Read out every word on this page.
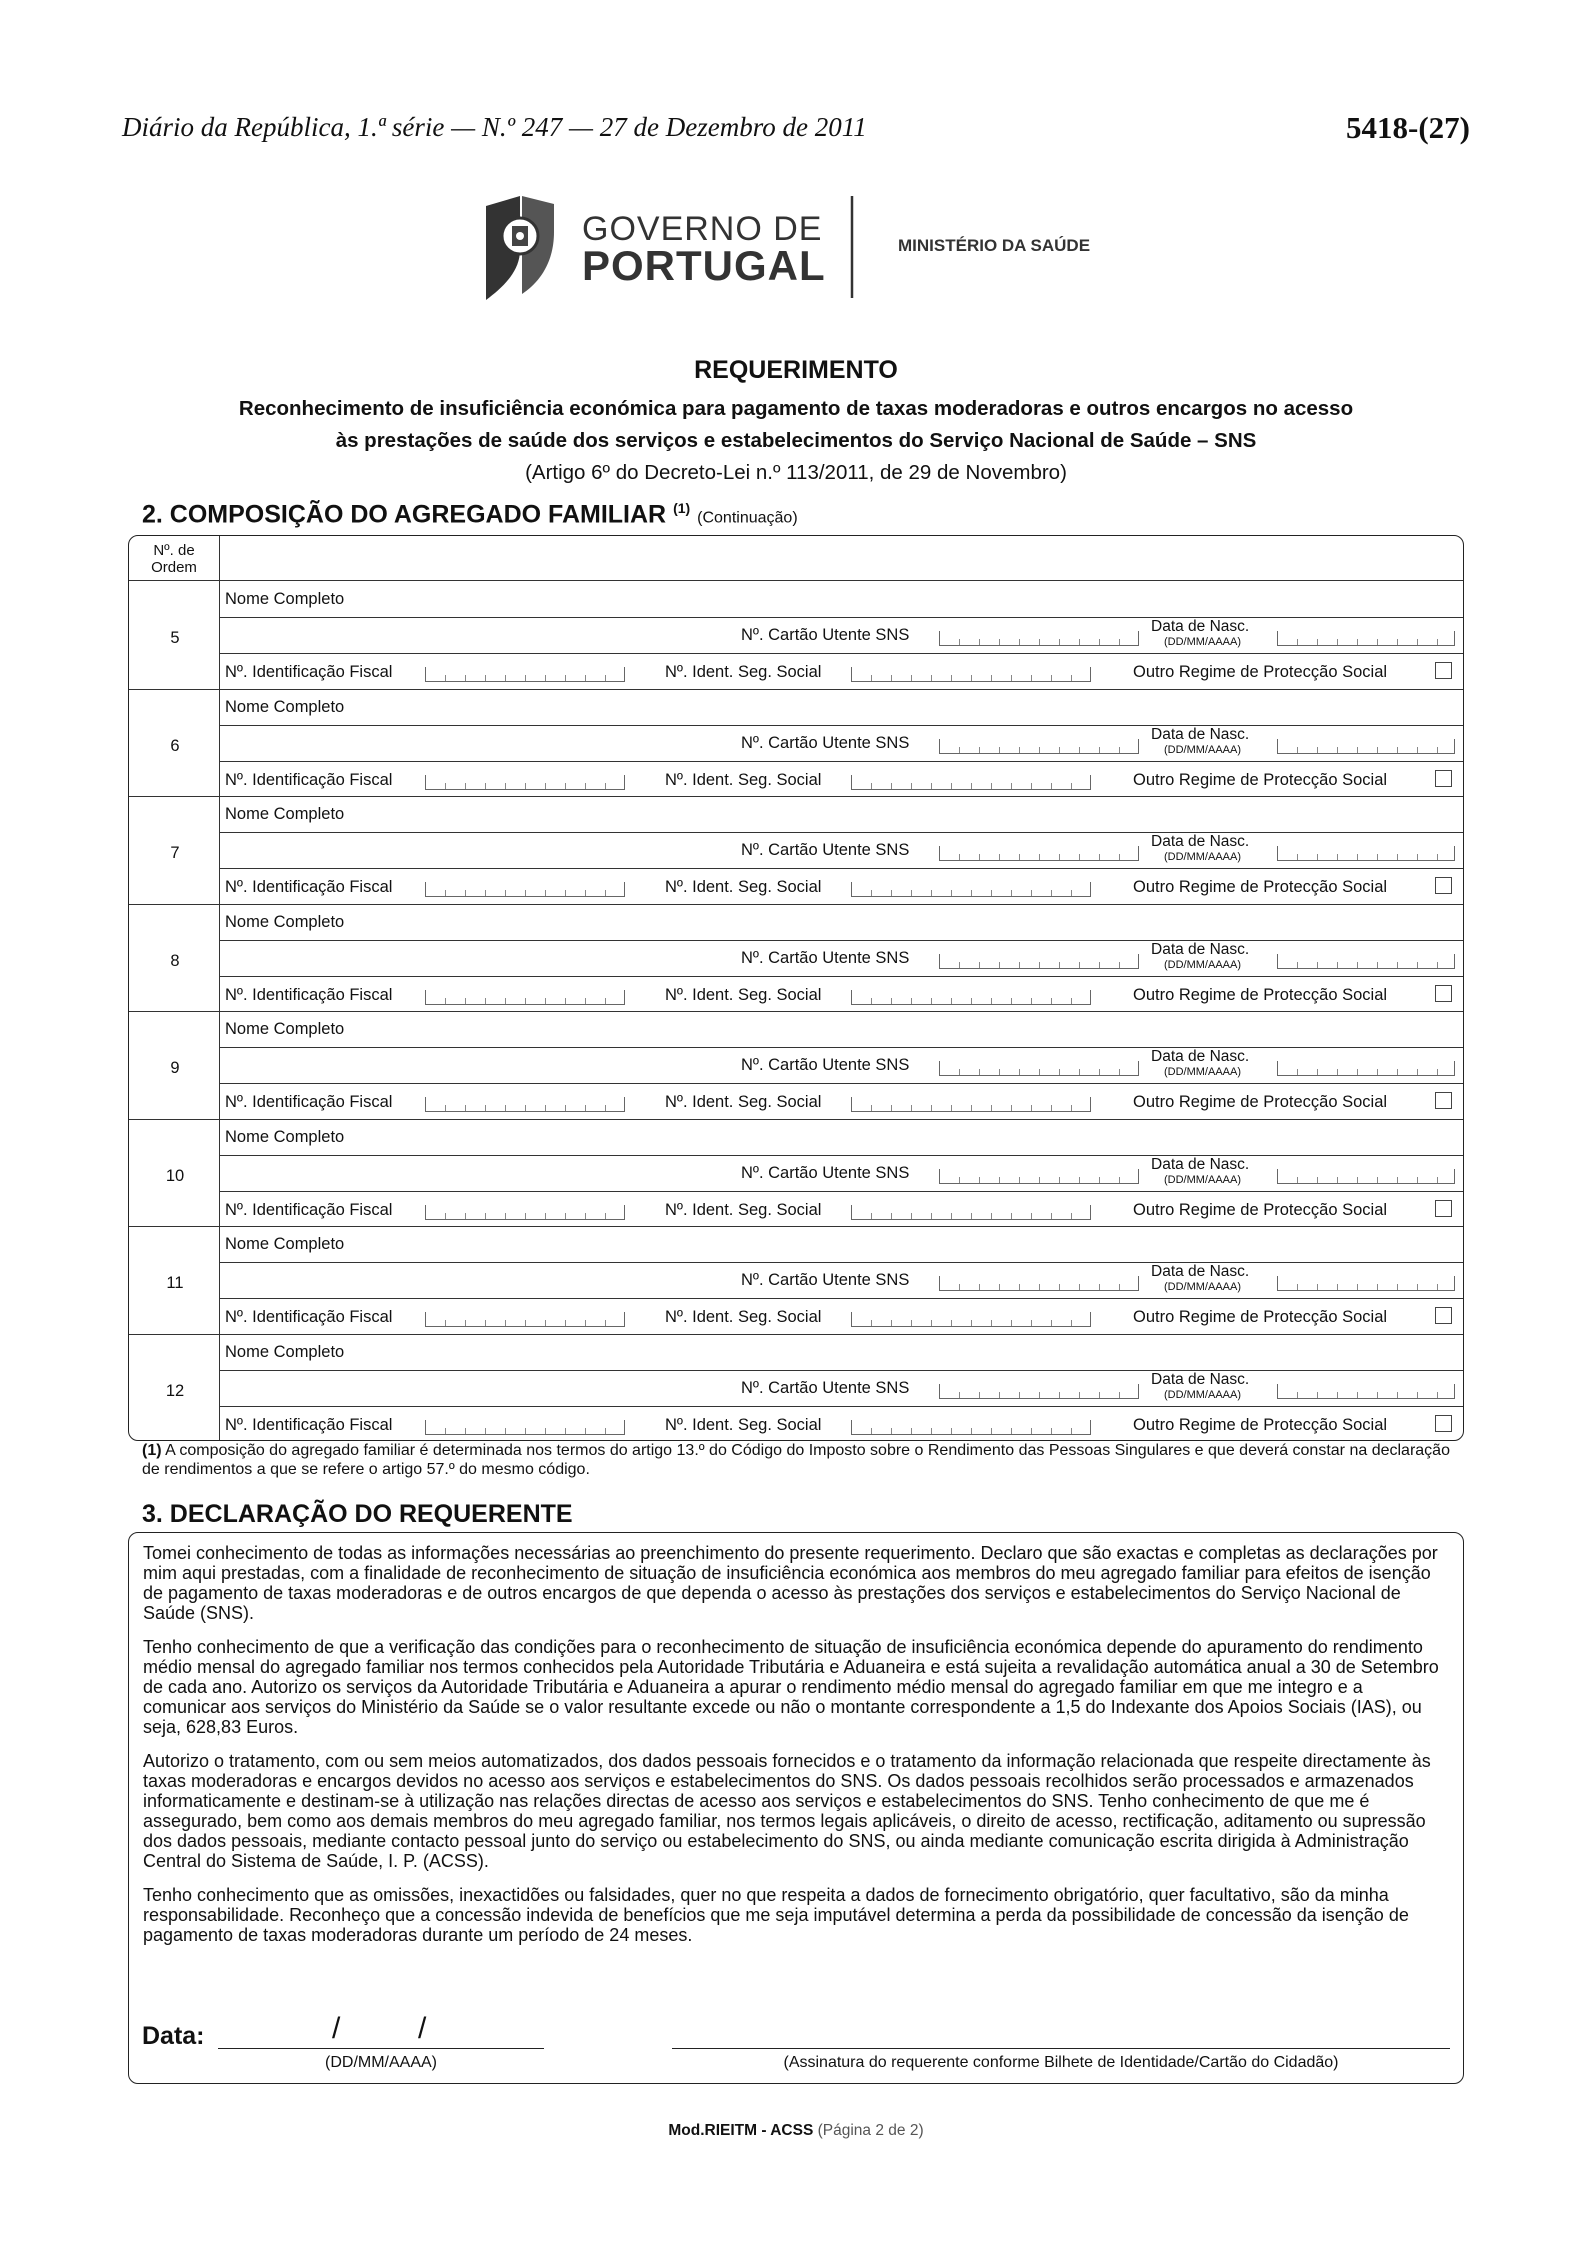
Diário da República, 1.ª série — N.º 247 — 27 de Dezembro de 2011	5418-(27)
GOVERNO DE
PORTUGAL	MINISTÉRIO DA SAÚDE
REQUERIMENTO
Reconhecimento de insuficiência económica para pagamento de taxas moderadoras e outros encargos no acesso
às prestações de saúde dos serviços e estabelecimentos do Serviço Nacional de Saúde – SNS
(Artigo 6º do Decreto-Lei n.º 113/2011, de 29 de Novembro)
2. COMPOSIÇÃO DO AGREGADO FAMILIAR $^{(1)}$ (Continuação)
Nº. de Ordem
5
Nome Completo
Nº. Cartão Utente SNS	Data de Nasc.
(DD/MM/AAAA)
Nº. Identificação Fiscal	Nº. Ident. Seg. Social	Outro Regime de Protecção Social
6
Nome Completo
Nº. Cartão Utente SNS	Data de Nasc.
(DD/MM/AAAA)
Nº. Identificação Fiscal	Nº. Ident. Seg. Social	Outro Regime de Protecção Social
7
Nome Completo
Nº. Cartão Utente SNS	Data de Nasc.
(DD/MM/AAAA)
Nº. Identificação Fiscal	Nº. Ident. Seg. Social	Outro Regime de Protecção Social
8
Nome Completo
Nº. Cartão Utente SNS	Data de Nasc.
(DD/MM/AAAA)
Nº. Identificação Fiscal	Nº. Ident. Seg. Social	Outro Regime de Protecção Social
9
Nome Completo
Nº. Cartão Utente SNS	Data de Nasc.
(DD/MM/AAAA)
Nº. Identificação Fiscal	Nº. Ident. Seg. Social	Outro Regime de Protecção Social
10
Nome Completo
Nº. Cartão Utente SNS	Data de Nasc.
(DD/MM/AAAA)
Nº. Identificação Fiscal	Nº. Ident. Seg. Social	Outro Regime de Protecção Social
11
Nome Completo
Nº. Cartão Utente SNS	Data de Nasc.
(DD/MM/AAAA)
Nº. Identificação Fiscal	Nº. Ident. Seg. Social	Outro Regime de Protecção Social
12
Nome Completo
Nº. Cartão Utente SNS	Data de Nasc.
(DD/MM/AAAA)
Nº. Identificação Fiscal	Nº. Ident. Seg. Social	Outro Regime de Protecção Social
(1) A composição do agregado familiar é determinada nos termos do artigo 13.º do Código do Imposto sobre o Rendimento das Pessoas Singulares e que deverá constar na declaração de rendimentos a que se refere o artigo 57.º do mesmo código.
3. DECLARAÇÃO DO REQUERENTE

Tomei conhecimento de todas as informações necessárias ao preenchimento do presente requerimento. Declaro que são exactas e completas as declarações por mim aqui prestadas, com a finalidade de reconhecimento de situação de insuficiência económica aos membros do meu agregado familiar para efeitos de isenção de pagamento de taxas moderadoras e de outros encargos de que dependa o acesso às prestações dos serviços e estabelecimentos do Serviço Nacional de Saúde (SNS).

Tenho conhecimento de que a verificação das condições para o reconhecimento de situação de insuficiência económica depende do apuramento do rendimento médio mensal do agregado familiar nos termos conhecidos pela Autoridade Tributária e Aduaneira e está sujeita a revalidação automática anual a 30 de Setembro de cada ano. Autorizo os serviços da Autoridade Tributária e Aduaneira a apurar o rendimento médio mensal do agregado familiar em que me integro e a comunicar aos serviços do Ministério da Saúde se o valor resultante excede ou não o montante correspondente a 1,5 do Indexante dos Apoios Sociais (IAS), ou seja, 628,83 Euros.

Autorizo o tratamento, com ou sem meios automatizados, dos dados pessoais fornecidos e o tratamento da informação relacionada que respeite directamente às taxas moderadoras e encargos devidos no acesso aos serviços e estabelecimentos do SNS. Os dados pessoais recolhidos serão processados e armazenados informaticamente e destinam-se à utilização nas relações directas de acesso aos serviços e estabelecimentos do SNS. Tenho conhecimento de que me é assegurado, bem como aos demais membros do meu agregado familiar, nos termos legais aplicáveis, o direito de acesso, rectificação, aditamento ou supressão dos dados pessoais, mediante contacto pessoal junto do serviço ou estabelecimento do SNS, ou ainda mediante comunicação escrita dirigida à Administração Central do Sistema de Saúde, I. P. (ACSS).

Tenho conhecimento que as omissões, inexactidões ou falsidades, quer no que respeita a dados de fornecimento obrigatório, quer facultativo, são da minha responsabilidade. Reconheço que a concessão indevida de benefícios que me seja imputável determina a perda da possibilidade de concessão da isenção de pagamento de taxas moderadoras durante um período de 24 meses.

Data:	/	/
(DD/MM/AAAA)	(Assinatura do requerente conforme Bilhete de Identidade/Cartão do Cidadão)
Mod.RIEITM - ACSS (Página 2 de 2)
